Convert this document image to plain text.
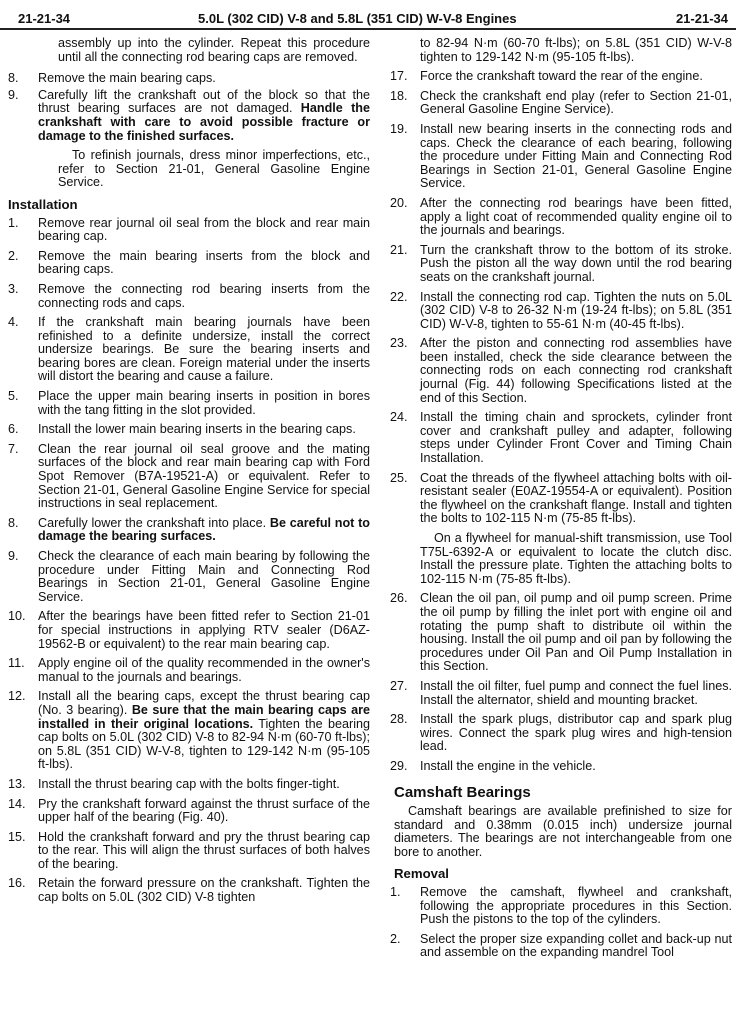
21-21-34	5.0L (302 CID) V-8 and 5.8L (351 CID) W-V-8 Engines	21-21-34
assembly up into the cylinder. Repeat this procedure until all the connecting rod bearing caps are removed.
8.	Remove the main bearing caps.
9.	Carefully lift the crankshaft out of the block so that the thrust bearing surfaces are not damaged. Handle the crankshaft with care to avoid possible fracture or damage to the finished surfaces.
To refinish journals, dress minor imperfections, etc., refer to Section 21-01, General Gasoline Engine Service.
Installation
1.	Remove rear journal oil seal from the block and rear main bearing cap.
2.	Remove the main bearing inserts from the block and bearing caps.
3.	Remove the connecting rod bearing inserts from the connecting rods and caps.
4.	If the crankshaft main bearing journals have been refinished to a definite undersize, install the correct undersize bearings. Be sure the bearing inserts and bearing bores are clean. Foreign material under the inserts will distort the bearing and cause a failure.
5.	Place the upper main bearing inserts in position in bores with the tang fitting in the slot provided.
6.	Install the lower main bearing inserts in the bearing caps.
7.	Clean the rear journal oil seal groove and the mating surfaces of the block and rear main bearing cap with Ford Spot Remover (B7A-19521-A) or equivalent. Refer to Section 21-01, General Gasoline Engine Service for special instructions in seal replacement.
8.	Carefully lower the crankshaft into place. Be careful not to damage the bearing surfaces.
9.	Check the clearance of each main bearing by following the procedure under Fitting Main and Connecting Rod Bearings in Section 21-01, General Gasoline Engine Service.
10. After the bearings have been fitted refer to Section 21-01 for special instructions in applying RTV sealer (D6AZ-19562-B or equivalent) to the rear main bearing cap.
11.	Apply engine oil of the quality recommended in the owner's manual to the journals and bearings.
12. Install all the bearing caps, except the thrust bearing cap (No. 3 bearing). Be sure that the main bearing caps are installed in their original locations. Tighten the bearing cap bolts on 5.0L (302 CID) V-8 to 82-94 N·m (60-70 ft-lbs); on 5.8L (351 CID) W-V-8, tighten to 129-142 N·m (95-105 ft-lbs).
13. Install the thrust bearing cap with the bolts finger-tight.
14. Pry the crankshaft forward against the thrust surface of the upper half of the bearing (Fig. 40).
15. Hold the crankshaft forward and pry the thrust bearing cap to the rear. This will align the thrust surfaces of both halves of the bearing.
16. Retain the forward pressure on the crankshaft. Tighten the cap bolts on 5.0L (302 CID) V-8 tighten
to 82-94 N·m (60-70 ft-lbs); on 5.8L (351 CID) W-V-8 tighten to 129-142 N·m (95-105 ft-lbs).
17. Force the crankshaft toward the rear of the engine.
18. Check the crankshaft end play (refer to Section 21-01, General Gasoline Engine Service).
19. Install new bearing inserts in the connecting rods and caps. Check the clearance of each bearing, following the procedure under Fitting Main and Connecting Rod Bearings in Section 21-01, General Gasoline Engine Service.
20. After the connecting rod bearings have been fitted, apply a light coat of recommended quality engine oil to the journals and bearings.
21. Turn the crankshaft throw to the bottom of its stroke. Push the piston all the way down until the rod bearing seats on the crankshaft journal.
22. Install the connecting rod cap. Tighten the nuts on 5.0L (302 CID) V-8 to 26-32 N·m (19-24 ft-lbs); on 5.8L (351 CID) W-V-8, tighten to 55-61 N·m (40-45 ft-lbs).
23. After the piston and connecting rod assemblies have been installed, check the side clearance between the connecting rods on each connecting rod crankshaft journal (Fig. 44) following Specifications listed at the end of this Section.
24. Install the timing chain and sprockets, cylinder front cover and crankshaft pulley and adapter, following steps under Cylinder Front Cover and Timing Chain Installation.
25. Coat the threads of the flywheel attaching bolts with oil-resistant sealer (E0AZ-19554-A or equivalent). Position the flywheel on the crankshaft flange. Install and tighten the bolts to 102-115 N·m (75-85 ft-lbs).
On a flywheel for manual-shift transmission, use Tool T75L-6392-A or equivalent to locate the clutch disc. Install the pressure plate. Tighten the attaching bolts to 102-115 N·m (75-85 ft-lbs).
26. Clean the oil pan, oil pump and oil pump screen. Prime the oil pump by filling the inlet port with engine oil and rotating the pump shaft to distribute oil within the housing. Install the oil pump and oil pan by following the procedures under Oil Pan and Oil Pump Installation in this Section.
27. Install the oil filter, fuel pump and connect the fuel lines. Install the alternator, shield and mounting bracket.
28. Install the spark plugs, distributor cap and spark plug wires. Connect the spark plug wires and high-tension lead.
29. Install the engine in the vehicle.
Camshaft Bearings
Camshaft bearings are available prefinished to size for standard and 0.38mm (0.015 inch) undersize journal diameters. The bearings are not interchangeable from one bore to another.
Removal
1.	Remove the camshaft, flywheel and crankshaft, following the appropriate procedures in this Section. Push the pistons to the top of the cylinders.
2.	Select the proper size expanding collet and back-up nut and assemble on the expanding mandrel Tool
